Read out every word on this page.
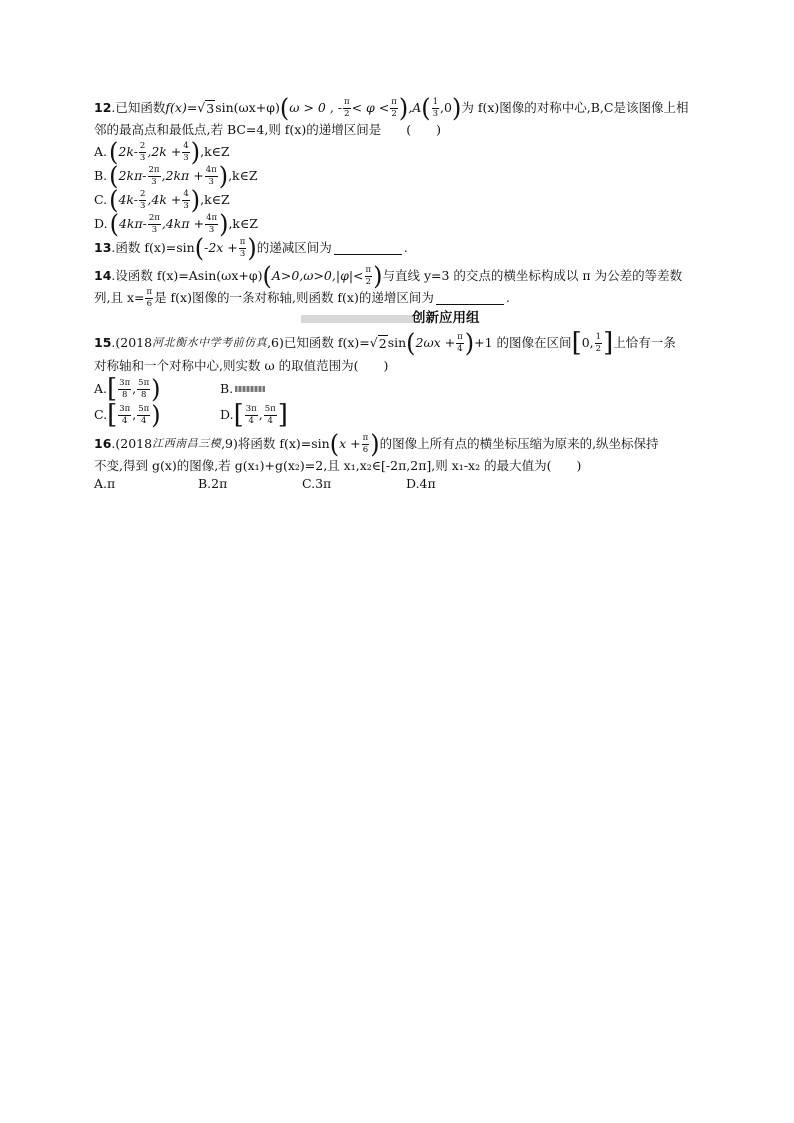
12 .已知函数 f(x)= √ 3 sin(ωx+φ) ( ω > 0 , - $\frac{\pi}{2} < \varphi < \frac{\pi}{2}$ ) ,A ( $\frac{1}{3} ,0$ ) 为 f(x)图像的对称中心,B,C是该图像上相
邻的最高点和最低点,若 BC=4,则 f(x)的递增区间是　　(　　)
A. ( $2k- \frac{2}{3} ,2k + \frac{4}{3}$ ) ,k∈Z
B. ( $2k\pi- \frac{2\pi}{3} ,2k\pi + \frac{4\pi}{3}$ ) ,k∈Z
C. ( $4k- \frac{2}{3} ,4k + \frac{4}{3}$ ) ,k∈Z
D. ( $4k\pi- \frac{2\pi}{3} ,4k\pi + \frac{4\pi}{3}$ ) ,k∈Z
13 .函数 f(x)=sin ( $-2x + \frac{\pi}{3}$ ) 的递减区间为	.
14 .设函数 f(x)=Asin(ωx+φ) ( $A>0,\omega>0,|\varphi|< \frac{\pi}{2}$ ) 与直线 y=3 的交点的横坐标构成以 π 为公差的等差数
列,且 $x= \frac{\pi}{6}$ 是 f(x)图像的一条对称轴,则函数 f(x)的递增区间为	.
创新应用组
15 .(2018 河北衡水中学考前仿真 ,6)已知函数 f(x)= √ 2 sin ( $2\omega x + \frac{\pi}{4}$ ) +1 的图像在区间 [ 0, $\frac{1}{2}$ ] 上恰有一条
对称轴和一个对称中心,则实数 ω 的取值范围为(　　)
A. [ $\frac{3\pi}{8}$ , $\frac{5\pi}{8}$ )	B.
C. [ $\frac{3\pi}{4}$ , $\frac{5\pi}{4}$ )	D. [ $\frac{3\pi}{4}$ , $\frac{5\pi}{4}$ ]
16 .(2018 江西南昌三模 ,9)将函数 f(x)=sin ( $x + \frac{\pi}{6}$ ) 的图像上所有点的横坐标压缩为原来的,纵坐标保持
不变,得到 g(x)的图像,若 g(x₁)+g(x₂)=2,且 x₁,x₂∈[-2π,2π],则 x₁-x₂ 的最大值为(　　)
A.π	B.2π	C.3π	D.4π
